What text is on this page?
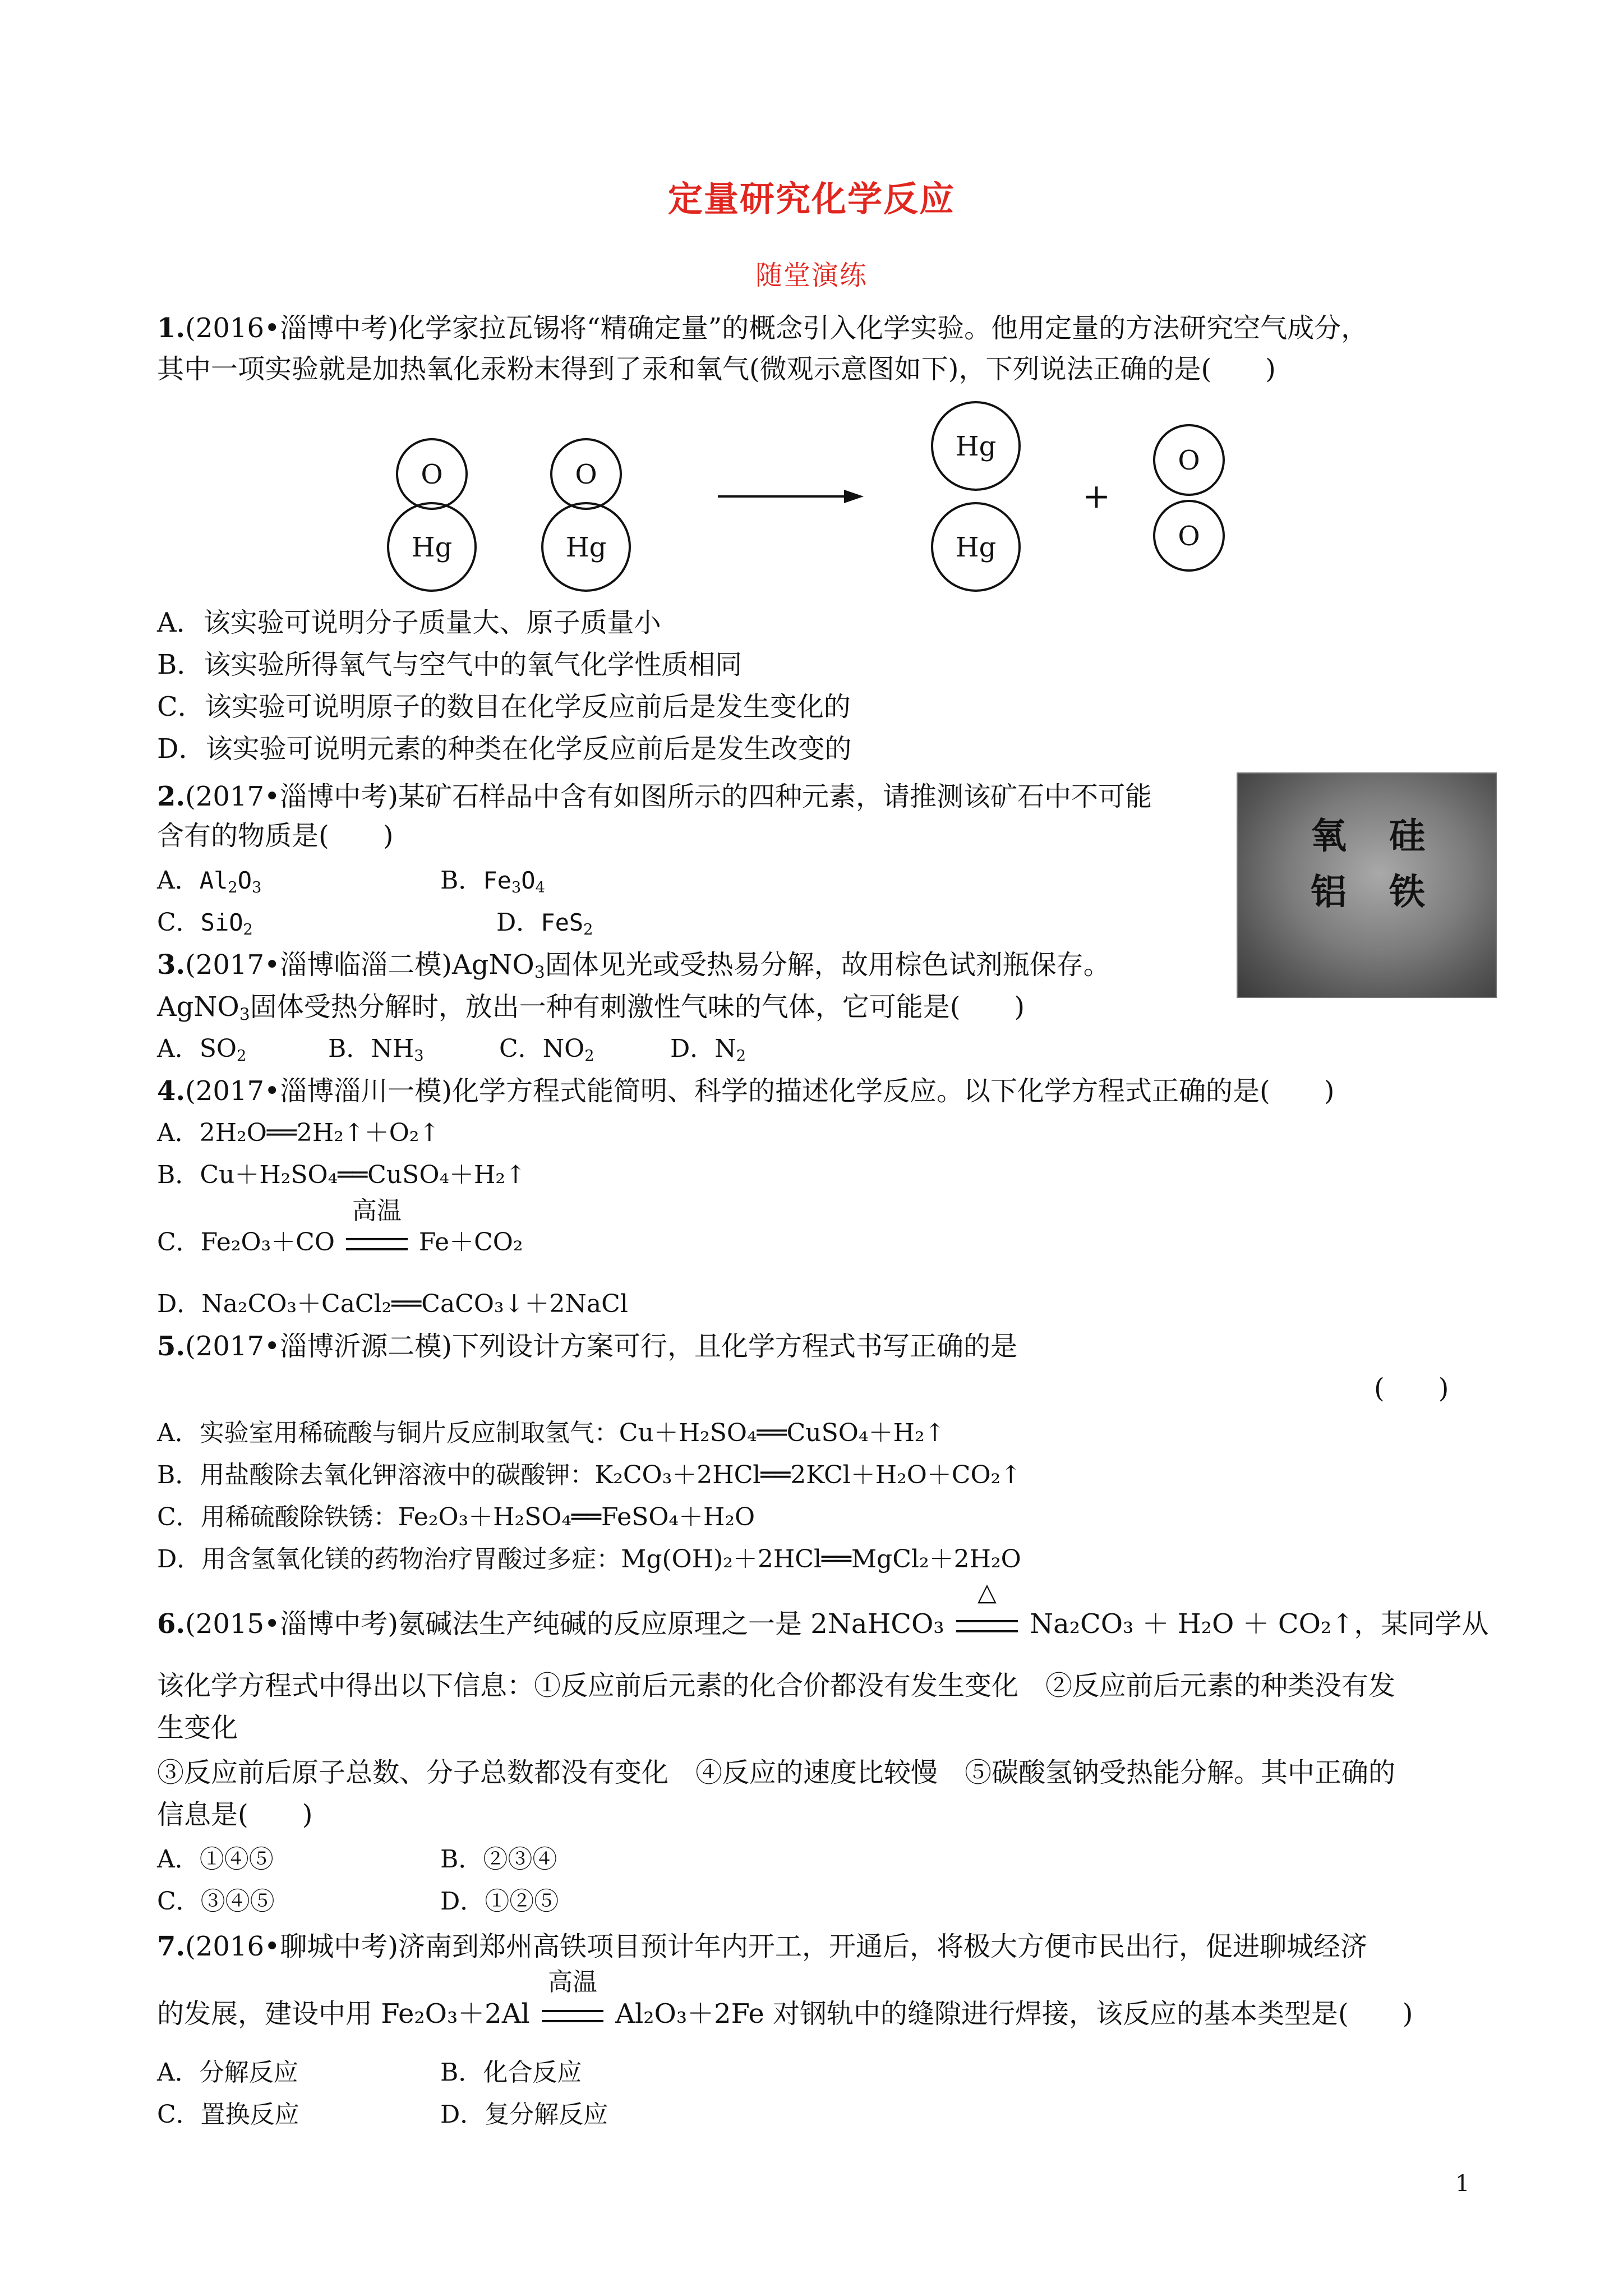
定量研究化学反应
随堂演练
1.(2016•淄博中考)化学家拉瓦锡将“精确定量”的概念引入化学实验。他用定量的方法研究空气成分，
其中一项实验就是加热氧化汞粉末得到了汞和氧气(微观示意图如下)，下列说法正确的是(　　)
O
Hg
O
Hg
Hg
Hg
O
O
+
A．该实验可说明分子质量大、原子质量小
B．该实验所得氧气与空气中的氧气化学性质相同
C．该实验可说明原子的数目在化学反应前后是发生变化的
D．该实验可说明元素的种类在化学反应前后是发生改变的
2.(2017•淄博中考)某矿石样品中含有如图所示的四种元素，请推测该矿石中不可能
含有的物质是(　　)
A．$Al_2O_3$	B．$Fe_3O_4$
C．SiO$_2$	D．FeS$_2$
氧 硅
铝 铁
3.(2017•淄博临淄二模)AgNO$_3$固体见光或受热易分解，故用棕色试剂瓶保存。
AgNO$_3$固体受热分解时，放出一种有刺激性气味的气体，它可能是(　　)
A．$SO_2$	B．$NH_3$	C．$NO_2$	D．$N_2$
4.(2017•淄博淄川一模)化学方程式能简明、科学的描述化学反应。以下化学方程式正确的是(　　)
A．2H₂O══2H₂↑＋O₂↑
B．Cu＋H₂SO₄══CuSO₄＋H₂↑
C．Fe₂O₃＋CO
高温
Fe＋CO₂
D．Na₂CO₃＋CaCl₂══CaCO₃↓＋2NaCl
5.(2017•淄博沂源二模)下列设计方案可行，且化学方程式书写正确的是
(　　)
A．实验室用稀硫酸与铜片反应制取氢气：Cu＋H₂SO₄══CuSO₄＋H₂↑
B．用盐酸除去氧化钾溶液中的碳酸钾：K₂CO₃＋2HCl══2KCl＋H₂O＋CO₂↑
C．用稀硫酸除铁锈：Fe₂O₃＋H₂SO₄══FeSO₄＋H₂O
D．用含氢氧化镁的药物治疗胃酸过多症：Mg(OH)₂＋2HCl══MgCl₂＋2H₂O
6.(2015•淄博中考)氨碱法生产纯碱的反应原理之一是 2NaHCO₃
△
Na₂CO₃ ＋ H₂O ＋ CO₂↑，某同学从
该化学方程式中得出以下信息：①反应前后元素的化合价都没有发生变化　②反应前后元素的种类没有发
生变化
③反应前后原子总数、分子总数都没有变化　④反应的速度比较慢　⑤碳酸氢钠受热能分解。其中正确的
信息是(　　)
A．①④⑤	B．②③④
C．③④⑤	D．①②⑤
7.(2016•聊城中考)济南到郑州高铁项目预计年内开工，开通后，将极大方便市民出行，促进聊城经济
的发展，建设中用 Fe₂O₃＋2Al
高温
Al₂O₃＋2Fe 对钢轨中的缝隙进行焊接，该反应的基本类型是(　　)
A．分解反应	B．化合反应
C．置换反应	D．复分解反应
1
